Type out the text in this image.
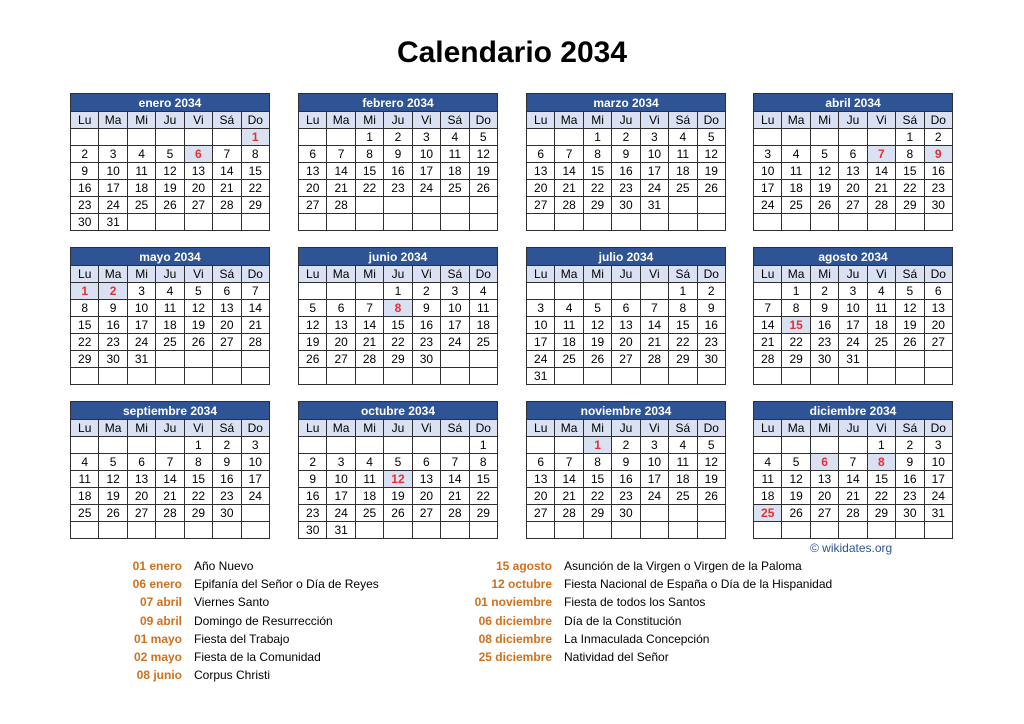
Calendario 2034
enero 2034						
Lu	Ma	Mi	Ju	Vi	Sá	Do
						1
2	3	4	5	6	7	8
9	10	11	12	13	14	15
16	17	18	19	20	21	22
23	24	25	26	27	28	29
30	31					
febrero 2034						
Lu	Ma	Mi	Ju	Vi	Sá	Do
		1	2	3	4	5
6	7	8	9	10	11	12
13	14	15	16	17	18	19
20	21	22	23	24	25	26
27	28					

marzo 2034						
Lu	Ma	Mi	Ju	Vi	Sá	Do
		1	2	3	4	5
6	7	8	9	10	11	12
13	14	15	16	17	18	19
20	21	22	23	24	25	26
27	28	29	30	31		

abril 2034						
Lu	Ma	Mi	Ju	Vi	Sá	Do
					1	2
3	4	5	6	7	8	9
10	11	12	13	14	15	16
17	18	19	20	21	22	23
24	25	26	27	28	29	30

mayo 2034						
Lu	Ma	Mi	Ju	Vi	Sá	Do
1	2	3	4	5	6	7
8	9	10	11	12	13	14
15	16	17	18	19	20	21
22	23	24	25	26	27	28
29	30	31				

junio 2034						
Lu	Ma	Mi	Ju	Vi	Sá	Do
			1	2	3	4
5	6	7	8	9	10	11
12	13	14	15	16	17	18
19	20	21	22	23	24	25
26	27	28	29	30		

julio 2034						
Lu	Ma	Mi	Ju	Vi	Sá	Do
					1	2
3	4	5	6	7	8	9
10	11	12	13	14	15	16
17	18	19	20	21	22	23
24	25	26	27	28	29	30
31						
agosto 2034						
Lu	Ma	Mi	Ju	Vi	Sá	Do
	1	2	3	4	5	6
7	8	9	10	11	12	13
14	15	16	17	18	19	20
21	22	23	24	25	26	27
28	29	30	31			

septiembre 2034						
Lu	Ma	Mi	Ju	Vi	Sá	Do
				1	2	3
4	5	6	7	8	9	10
11	12	13	14	15	16	17
18	19	20	21	22	23	24
25	26	27	28	29	30	

octubre 2034						
Lu	Ma	Mi	Ju	Vi	Sá	Do
						1
2	3	4	5	6	7	8
9	10	11	12	13	14	15
16	17	18	19	20	21	22
23	24	25	26	27	28	29
30	31					
noviembre 2034						
Lu	Ma	Mi	Ju	Vi	Sá	Do
		1	2	3	4	5
6	7	8	9	10	11	12
13	14	15	16	17	18	19
20	21	22	23	24	25	26
27	28	29	30			

diciembre 2034						
Lu	Ma	Mi	Ju	Vi	Sá	Do
				1	2	3
4	5	6	7	8	9	10
11	12	13	14	15	16	17
18	19	20	21	22	23	24
25	26	27	28	29	30	31

© wikidates.org
01 enero	Año Nuevo
06 enero	Epifanía del Señor o Día de Reyes
07 abril	Viernes Santo
09 abril	Domingo de Resurrección
01 mayo	Fiesta del Trabajo
02 mayo	Fiesta de la Comunidad
08 junio	Corpus Christi
15 agosto	Asunción de la Virgen o Virgen de la Paloma
12 octubre	Fiesta Nacional de España o Día de la Hispanidad
01 noviembre	Fiesta de todos los Santos
06 diciembre	Día de la Constitución
08 diciembre	La Inmaculada Concepción
25 diciembre	Natividad del Señor
